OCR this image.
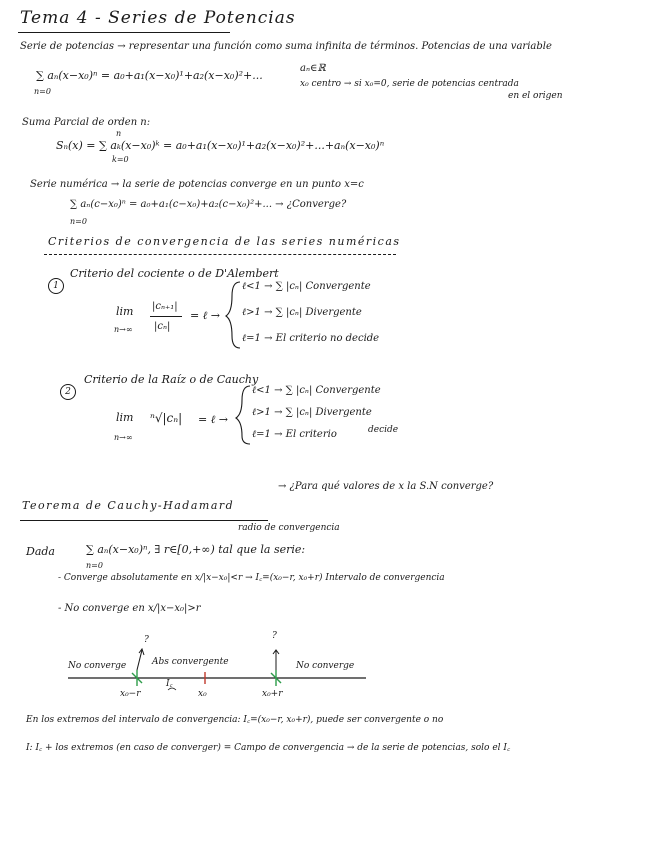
Tema 4 - Series de Potencias
Serie de potencias → representar una función como suma infinita de términos. Potencias de una variable
∑ aₙ(x−x₀)ⁿ = a₀+a₁(x−x₀)¹+a₂(x−x₀)²+...
n=0
aₙ∈ℝ
x₀ centro → si x₀=0, serie de potencias centrada
en el origen
Suma Parcial de orden n:
n
Sₙ(x) = ∑ aₖ(x−x₀)ᵏ = a₀+a₁(x−x₀)¹+a₂(x−x₀)²+...+aₙ(x−x₀)ⁿ
k=0
Serie numérica → la serie de potencias converge en un punto x=c
∑ aₙ(c−x₀)ⁿ = a₀+a₁(c−x₀)+a₂(c−x₀)²+... → ¿Converge?
n=0
Criterios de convergencia de las series numéricas
1
Criterio del cociente o de D'Alembert
lim
n→∞
|cₙ₊₁|
|cₙ|
= ℓ →
ℓ<1 → ∑ |cₙ| Convergente
ℓ>1 → ∑ |cₙ| Divergente
ℓ=1 → El criterio no decide
2
Criterio de la Raíz o de Cauchy
lim
n→∞
ⁿ√|cₙ| = ℓ →
ℓ<1 → ∑ |cₙ| Convergente
ℓ>1 → ∑ |cₙ| Divergente
ℓ=1 → El criterio	decide
Teorema de Cauchy-Hadamard
→ ¿Para qué valores de x la S.N converge?
radio de convergencia
Dada	∑ aₙ(x−x₀)ⁿ, ∃ r∈[0,+∞) tal que la serie:
n=0
- Converge absolutamente en x/|x−x₀|<r → I꜀=(x₀−r, x₀+r) Intervalo de convergencia
- No converge en x/|x−x₀|>r
No converge	Abs convergente	No converge
?	?
x₀−r	x₀	x₀+r
I꜀
En los extremos del intervalo de convergencia: I꜀=(x₀−r, x₀+r), puede ser convergente o no
I: I꜀ + los extremos (en caso de converger) = Campo de convergencia → de la serie de potencias, solo el I꜀
